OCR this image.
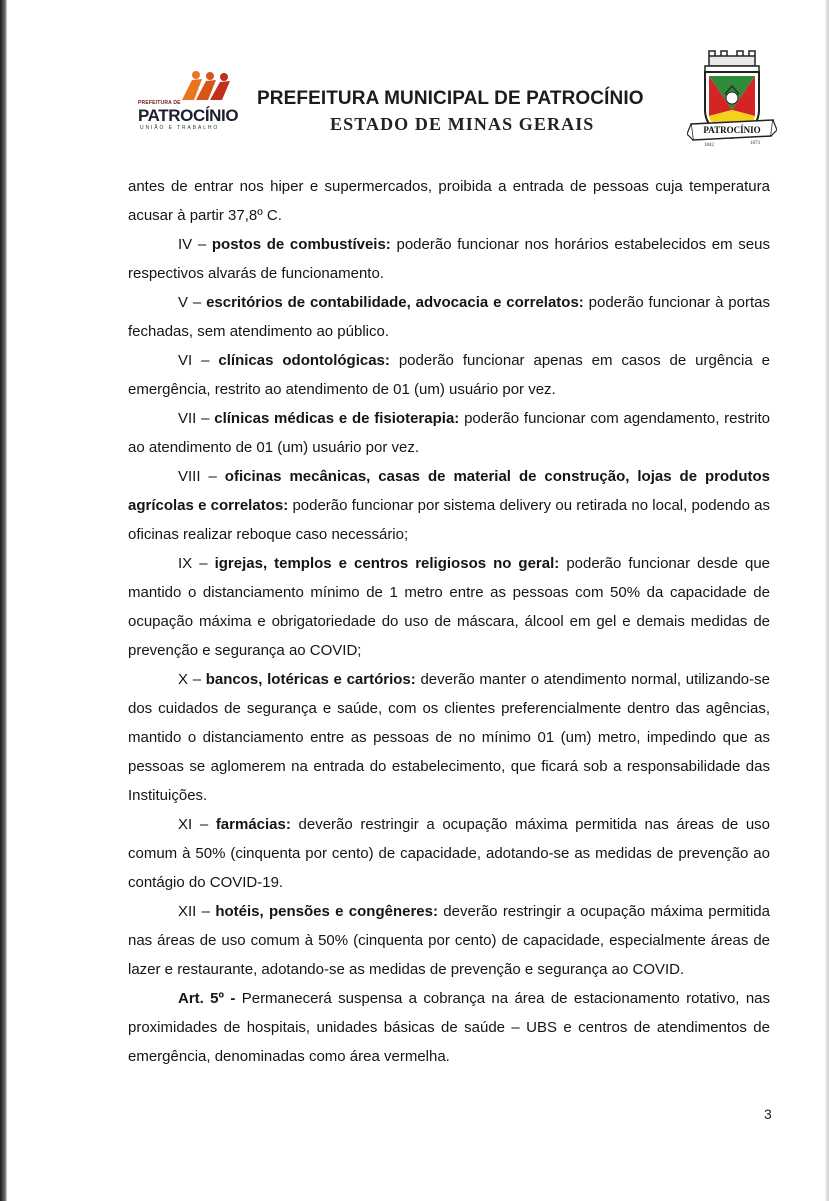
PREFEITURA DE
PATROCÍNIO
UNIÃO E TRABALHO
PREFEITURA MUNICIPAL DE PATROCÍNIO
ESTADO DE MINAS GERAIS	PATROCÍNIO
1842	1873

antes de entrar nos hiper e supermercados, proibida a entrada de pessoas cuja temperatura acusar à partir 37,8º C.

IV – postos de combustíveis: poderão funcionar nos horários estabelecidos em seus respectivos alvarás de funcionamento.

V – escritórios de contabilidade, advocacia e correlatos: poderão funcionar à portas fechadas, sem atendimento ao público.

VI – clínicas odontológicas: poderão funcionar apenas em casos de urgência e emergência, restrito ao atendimento de 01 (um) usuário por vez.

VII – clínicas médicas e de fisioterapia: poderão funcionar com agendamento, restrito ao atendimento de 01 (um) usuário por vez.

VIII – oficinas mecânicas, casas de material de construção, lojas de produtos agrícolas e correlatos: poderão funcionar por sistema delivery ou retirada no local, podendo as oficinas realizar reboque caso necessário;

IX – igrejas, templos e centros religiosos no geral: poderão funcionar desde que mantido o distanciamento mínimo de 1 metro entre as pessoas com 50% da capacidade de ocupação máxima e obrigatoriedade do uso de máscara, álcool em gel e demais medidas de prevenção e segurança ao COVID;

X – bancos, lotéricas e cartórios: deverão manter o atendimento normal, utilizando-se dos cuidados de segurança e saúde, com os clientes preferencialmente dentro das agências, mantido o distanciamento entre as pessoas de no mínimo 01 (um) metro, impedindo que as pessoas se aglomerem na entrada do estabelecimento, que ficará sob a responsabilidade das Instituições.

XI – farmácias: deverão restringir a ocupação máxima permitida nas áreas de uso comum à 50% (cinquenta por cento) de capacidade, adotando-se as medidas de prevenção ao contágio do COVID-19.

XII – hotéis, pensões e congêneres: deverão restringir a ocupação máxima permitida nas áreas de uso comum à 50% (cinquenta por cento) de capacidade, especialmente áreas de lazer e restaurante, adotando-se as medidas de prevenção e segurança ao COVID.

Art. 5º - Permanecerá suspensa a cobrança na área de estacionamento rotativo, nas proximidades de hospitais, unidades básicas de saúde – UBS e centros de atendimentos de emergência, denominadas como área vermelha.

3
